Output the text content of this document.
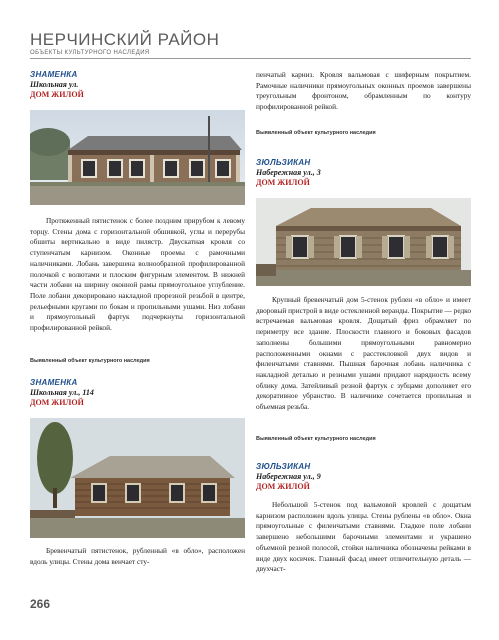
НЕРЧИНСКИЙ РАЙОН
ОБЪЕКТЫ КУЛЬТУРНОГО НАСЛЕДИЯ
ЗНАМЕНКА
Школьная ул.
ДОМ ЖИЛОЙ

Протяженный пятистенок с более поздним прирубом к левому торцу. Стены дома с горизонтальной обшивкой, углы и перерубы обшиты вертикально в виде пилястр. Двускатная кровля со ступенчатым карнизом. Оконные проемы с рамочными наличниками. Лобань завершена волнообразной профилированной полочкой с волютами и плоским фигурным элементом. В нижней части лобани на ширину оконной рамы прямоугольное углубление. Поле лобани декорировано накладной прорезной резьбой в центре, рельефными кругами по бокам и пропильными ушами. Низ лобани и прямоугольный фартук подчеркнуты горизонтальной профилированной рейкой.

Выявленный объект культурного наследия
ЗНАМЕНКА
Школьная ул., 114
ДОМ ЖИЛОЙ

Бревенчатый пятистенок, рубленный «в обло», расположен вдоль улицы. Стены дома венчает сту-

266

пенчатый карниз. Кровля вальмовая с шиферным покрытием. Рамочные наличники прямоугольных оконных проемов завершены треугольным фронтоном, обрамленным по контуру профилированной рейкой.

Выявленный объект культурного наследия
ЗЮЛЬЗИКАН
Набережная ул., 3
ДОМ ЖИЛОЙ

Крупный бревенчатый дом 5-стенок рублен «в обло» и имеет дворовый пристрой в виде остекленной веранды. Покрытие — редко встречаемая вальмовая кровля. Дощатый фриз обрамляет по периметру все здание. Плоскости главного и боковых фасадов заполнены большими прямоугольными равномерно расположенными окнами с расстекловкой двух видов и филенчатыми ставнями. Пышная барочная лобань наличника с накладной деталью и резными ушами придают нарядность всему облику дома. Затейливый резной фартук с зубцами дополняет его декоративное убранство. В наличнике сочетается пропильная и объемная резьба.

Выявленный объект культурного наследия
ЗЮЛЬЗИКАН
Набережная ул., 9
ДОМ ЖИЛОЙ

Небольшой 5-стенок под вальмовой кровлей с дощатым карнизом расположен вдоль улицы. Стены рублены «в обло». Окна прямоугольные с филенчатыми ставнями. Гладкое поле лобани завершено небольшими барочными элементами и украшено объемной резной полосой, стойки наличника обозначены рейками в виде двух косичек. Главный фасад имеет отличительную деталь — двухчаст-
